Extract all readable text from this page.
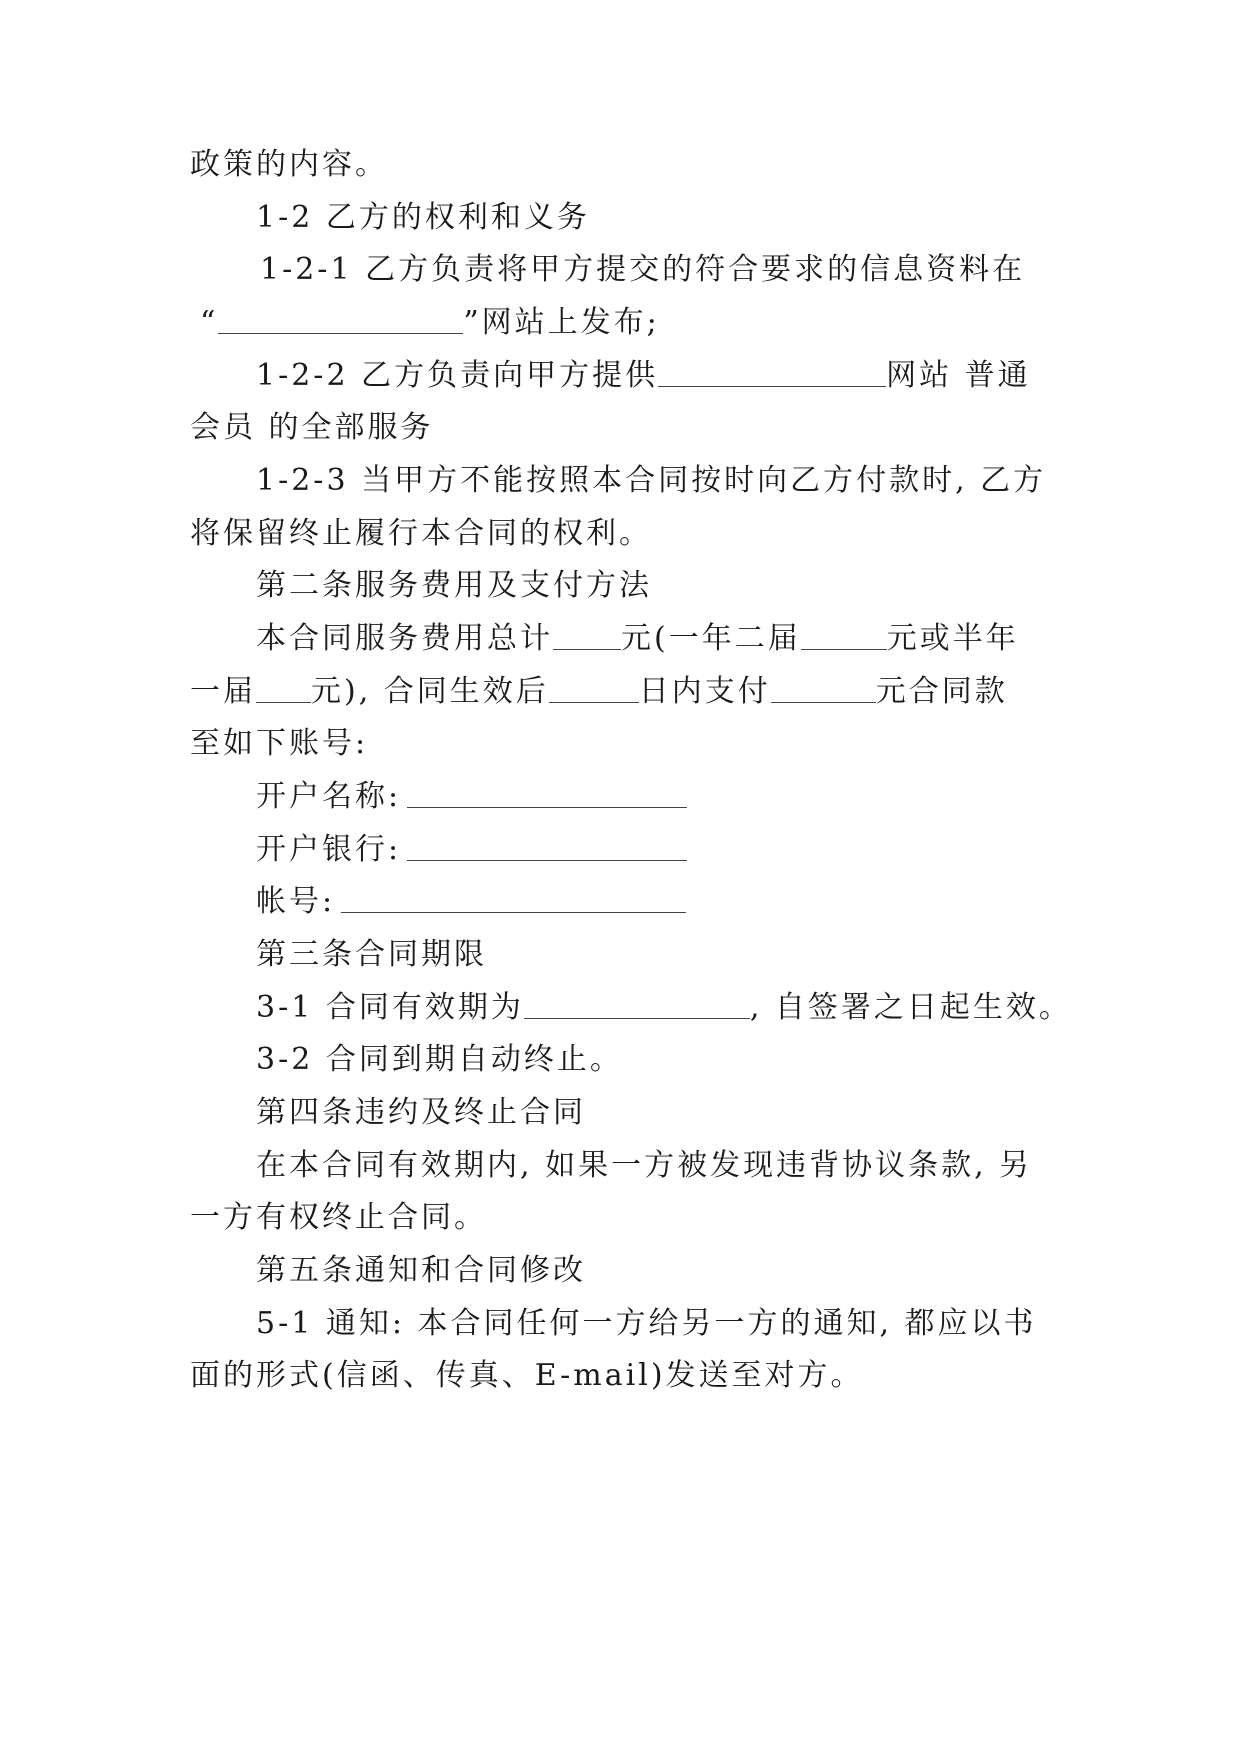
政策的内容。
1-2 乙方的权利和义务
1-2-1 乙方负责将甲方提交的符合要求的信息资料在
“	”网站上发布;
1-2-2 乙方负责向甲方提供	网站 普通
会员 的全部服务
1-2-3 当甲方不能按照本合同按时向乙方付款时, 乙方
将保留终止履行本合同的权利。
第二条服务费用及支付方法
本合同服务费用总计 元(一年二届	元或半年
一届 元), 合同生效后	日内支付	元合同款
至如下账号:
开户名称:
开户银行:
帐号:
第三条合同期限
3-1 合同有效期为	, 自签署之日起生效。
3-2 合同到期自动终止。
第四条违约及终止合同
在本合同有效期内, 如果一方被发现违背协议条款, 另
一方有权终止合同。
第五条通知和合同修改
5-1 通知: 本合同任何一方给另一方的通知, 都应以书
面的形式(信函、传真、E-mail)发送至对方。
